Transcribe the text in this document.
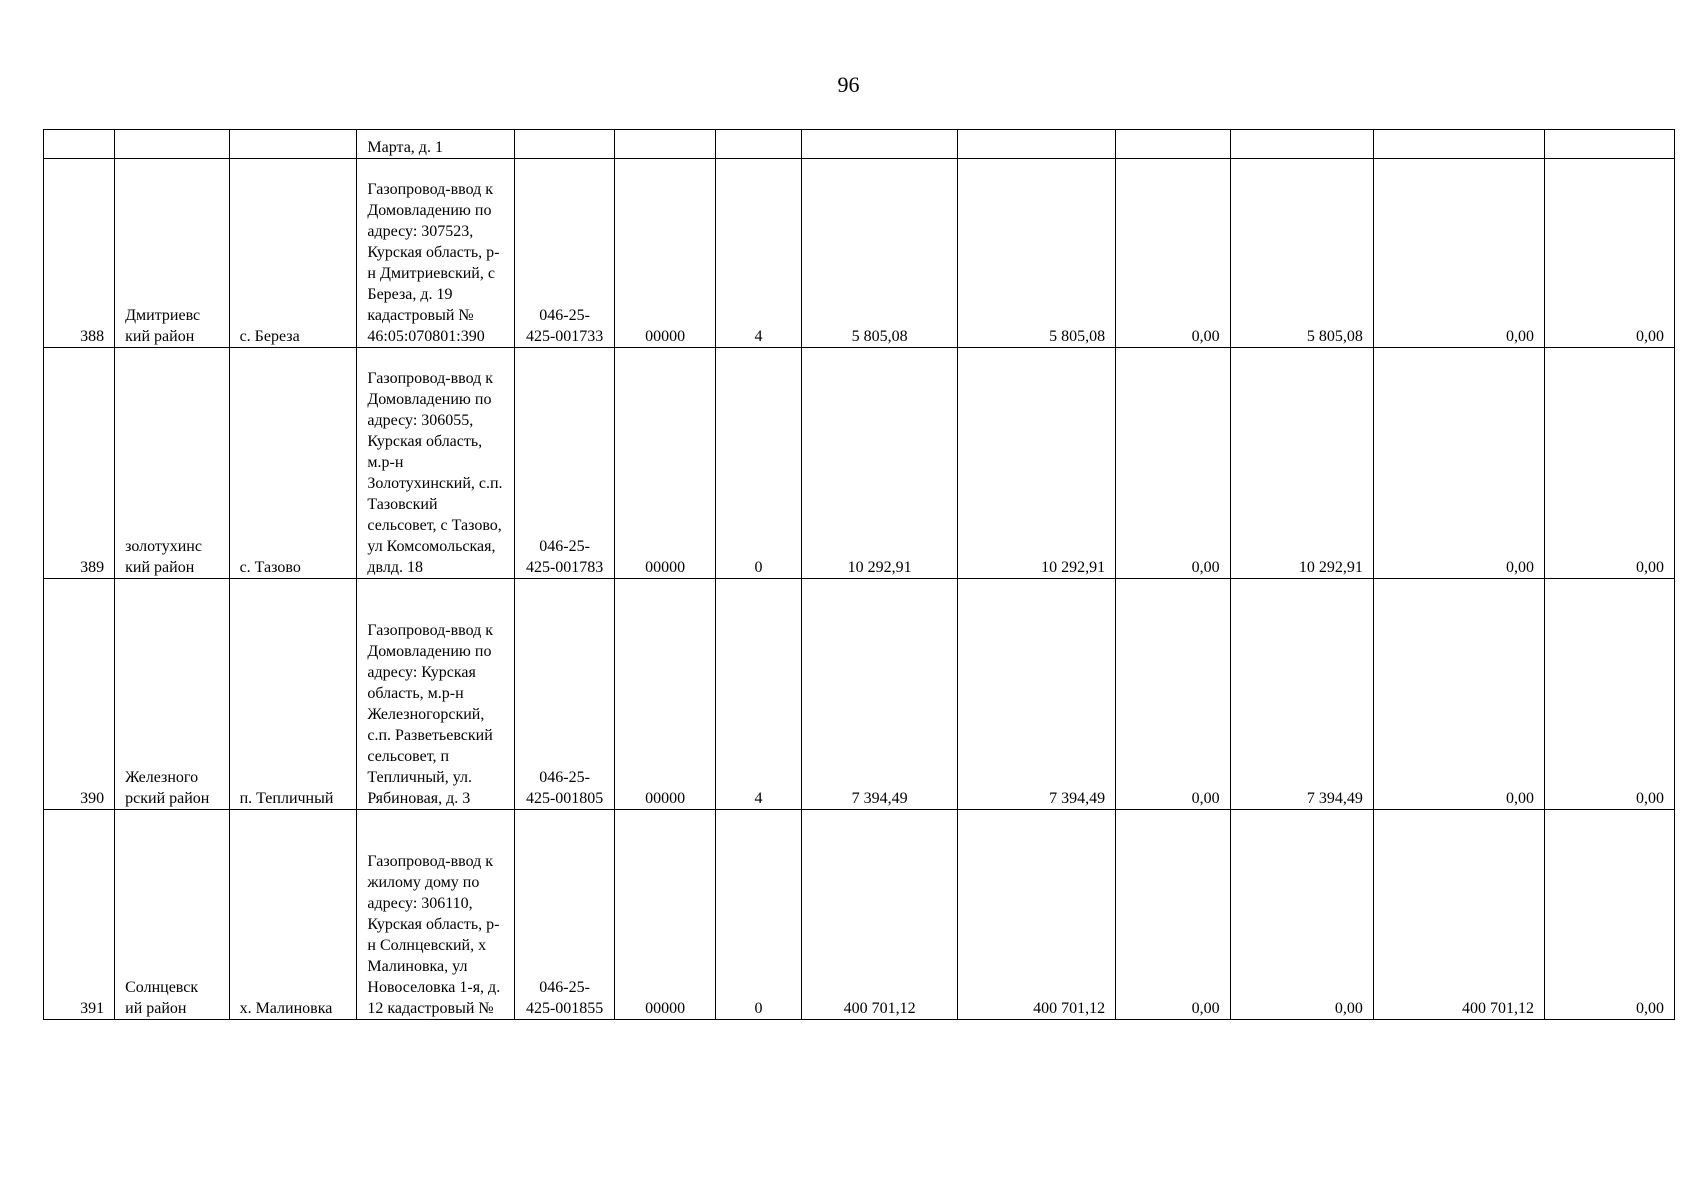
96
			Марта, д. 1									
388	Дмитриевс кий район	с. Береза	Газопровод-ввод к Домовладению по адресу: 307523, Курская область, р-н Дмитриевский, с Береза, д. 19 кадастровый № 46:05:070801:390	046-25-425-001733	00000	4	5 805,08	5 805,08	0,00	5 805,08	0,00	0,00
389	золотухинс кий район	с. Тазово	Газопровод-ввод к Домовладению по адресу: 306055, Курская область, м.р-н Золотухинский, с.п. Тазовский сельсовет, с Тазово, ул Комсомольская, двлд. 18	046-25-425-001783	00000	0	10 292,91	10 292,91	0,00	10 292,91	0,00	0,00
390	Железного рский район	п. Тепличный	Газопровод-ввод к Домовладению по адресу: Курская область, м.р-н Железногорский, с.п. Разветьевский сельсовет, п Тепличный, ул. Рябиновая, д. 3	046-25-425-001805	00000	4	7 394,49	7 394,49	0,00	7 394,49	0,00	0,00
391	Солнцевск ий район	х. Малиновка	Газопровод-ввод к жилому дому по адресу: 306110, Курская область, р-н Солнцевский, х Малиновка, ул Новоселовка 1-я, д. 12 кадастровый №	046-25-425-001855	00000	0	400 701,12	400 701,12	0,00	0,00	400 701,12	0,00
